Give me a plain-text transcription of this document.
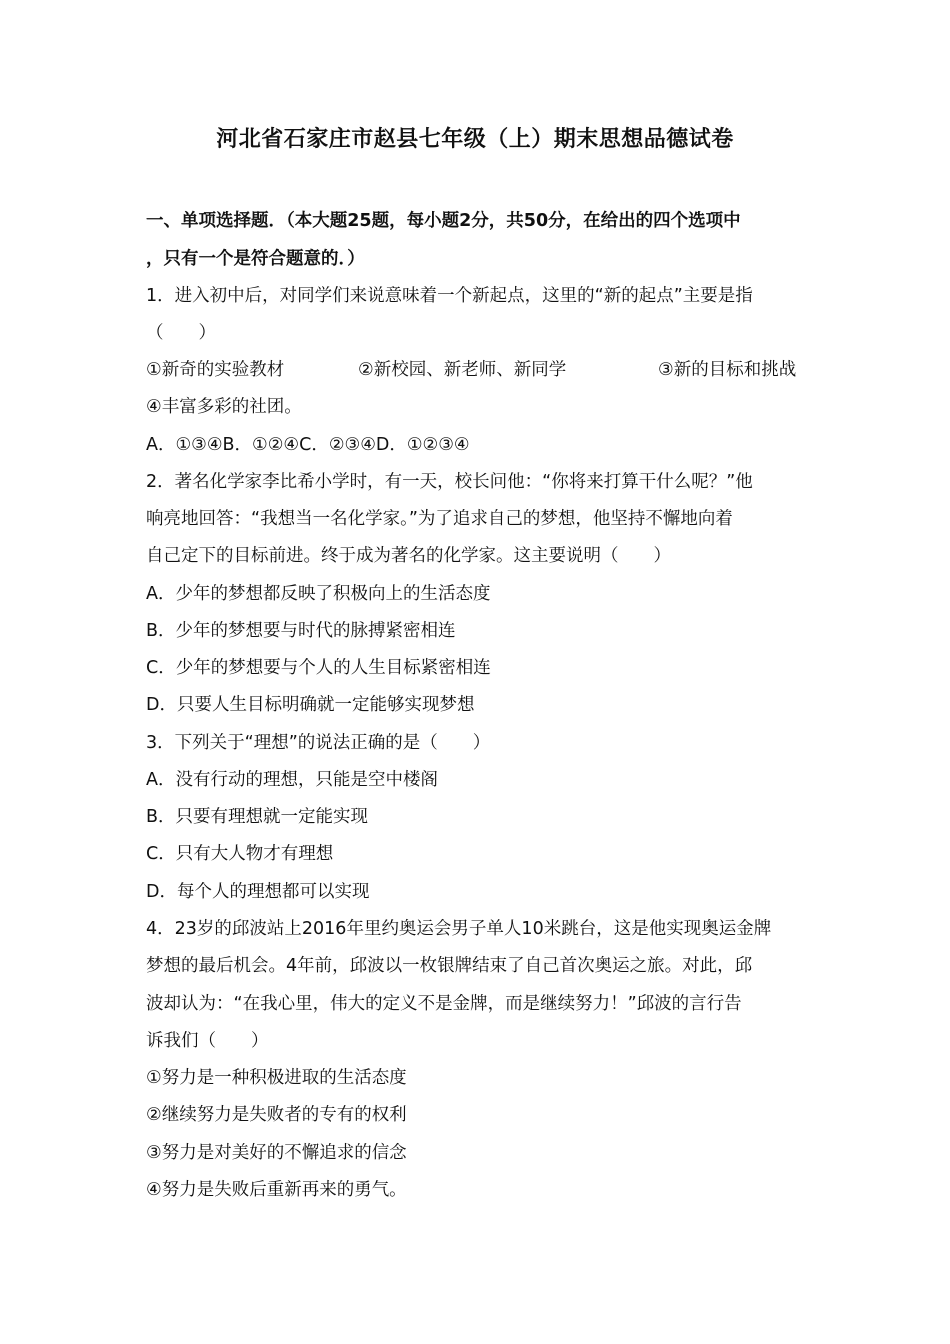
河北省石家庄市赵县七年级（上）期末思想品德试卷
一、单项选择题．（本大题25题，每小题2分，共50分，在给出的四个选项中
，只有一个是符合题意的．）
1．进入初中后，对同学们来说意味着一个新起点，这里的“新的起点”主要是指
（　　）
①新奇的实验教材	②新校园、新老师、新同学	③新的目标和挑战
④丰富多彩的社团。
A．①③④B．①②④C．②③④D．①②③④
2．著名化学家李比希小学时，有一天，校长问他：“你将来打算干什么呢？”他
响亮地回答：“我想当一名化学家。”为了追求自己的梦想，他坚持不懈地向着
自己定下的目标前进。终于成为著名的化学家。这主要说明（　　）
A．少年的梦想都反映了积极向上的生活态度
B．少年的梦想要与时代的脉搏紧密相连
C．少年的梦想要与个人的人生目标紧密相连
D．只要人生目标明确就一定能够实现梦想
3．下列关于“理想”的说法正确的是（　　）
A．没有行动的理想，只能是空中楼阁
B．只要有理想就一定能实现
C．只有大人物才有理想
D．每个人的理想都可以实现
4．23岁的邱波站上2016年里约奥运会男子单人10米跳台，这是他实现奥运金牌
梦想的最后机会。4年前，邱波以一枚银牌结束了自己首次奥运之旅。对此，邱
波却认为：“在我心里，伟大的定义不是金牌，而是继续努力！”邱波的言行告
诉我们（　　）
①努力是一种积极进取的生活态度
②继续努力是失败者的专有的权利
③努力是对美好的不懈追求的信念
④努力是失败后重新再来的勇气。
